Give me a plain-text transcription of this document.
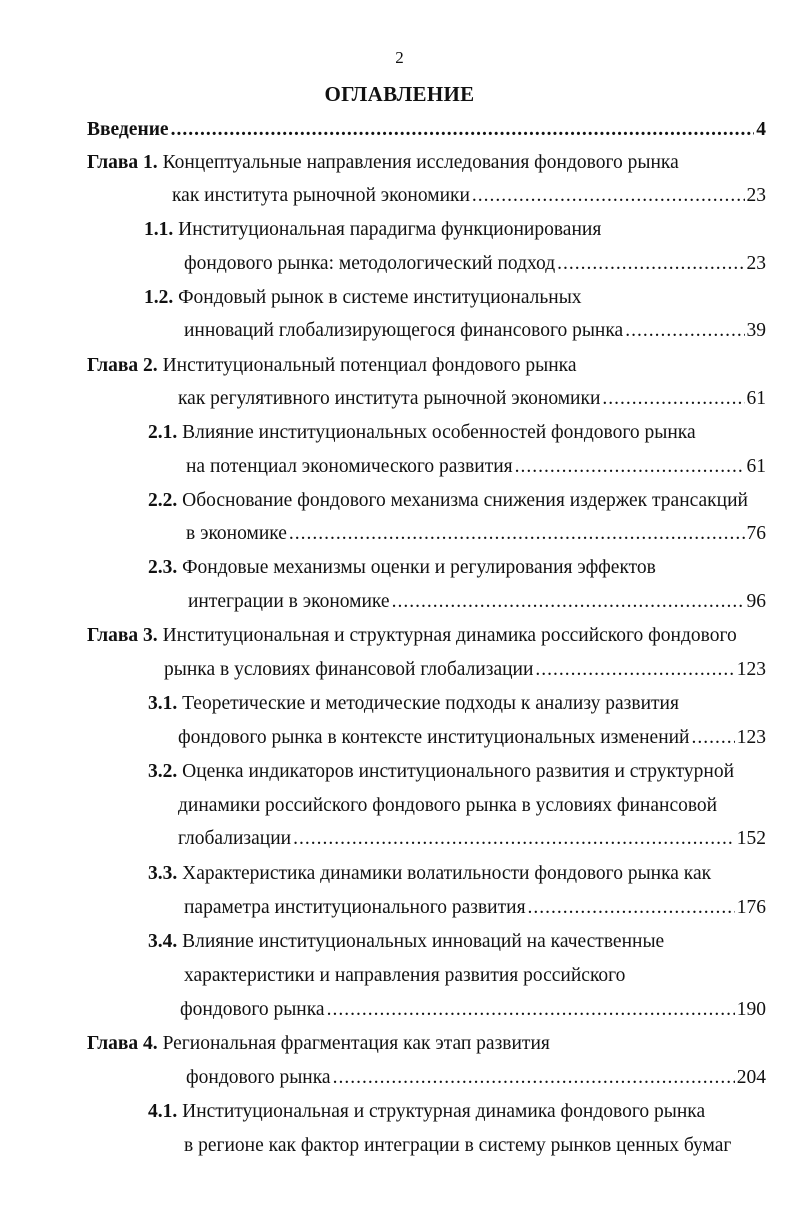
2
ОГЛАВЛЕНИЕ
Введение .....	4
Глава 1. Концептуальные направления исследования фондового рынка
как института рыночной экономики .....	23
1.1. Институциональная парадигма функционирования
фондового рынка: методологический подход .....	23
1.2. Фондовый рынок в системе институциональных
инноваций глобализирующегося финансового рынка .....	39
Глава 2. Институциональный потенциал фондового рынка
как регулятивного института рыночной экономики .....	61
2.1. Влияние институциональных особенностей фондового рынка
на потенциал экономического развития .....	61
2.2. Обоснование фондового механизма снижения издержек трансакций
в экономике .....	76
2.3. Фондовые механизмы оценки и регулирования эффектов
интеграции в экономике .....	96
Глава 3. Институциональная и структурная динамика российского фондового
рынка в условиях финансовой глобализации .....	123
3.1. Теоретические и методические подходы к анализу развития
фондового рынка в контексте институциональных изменений ..... 123
3.2. Оценка индикаторов институционального развития и структурной
динамики российского фондового рынка в условиях финансовой
глобализации .....	152
3.3. Характеристика динамики волатильности фондового рынка как
параметра институционального развития .....	176
3.4. Влияние институциональных инноваций на качественные
характеристики и направления развития российского
фондового рынка .....	190
Глава 4. Региональная фрагментация как этап развития
фондового рынка .....	204
4.1. Институциональная и структурная динамика фондового рынка
в регионе как фактор интеграции в систему рынков ценных бумаг
